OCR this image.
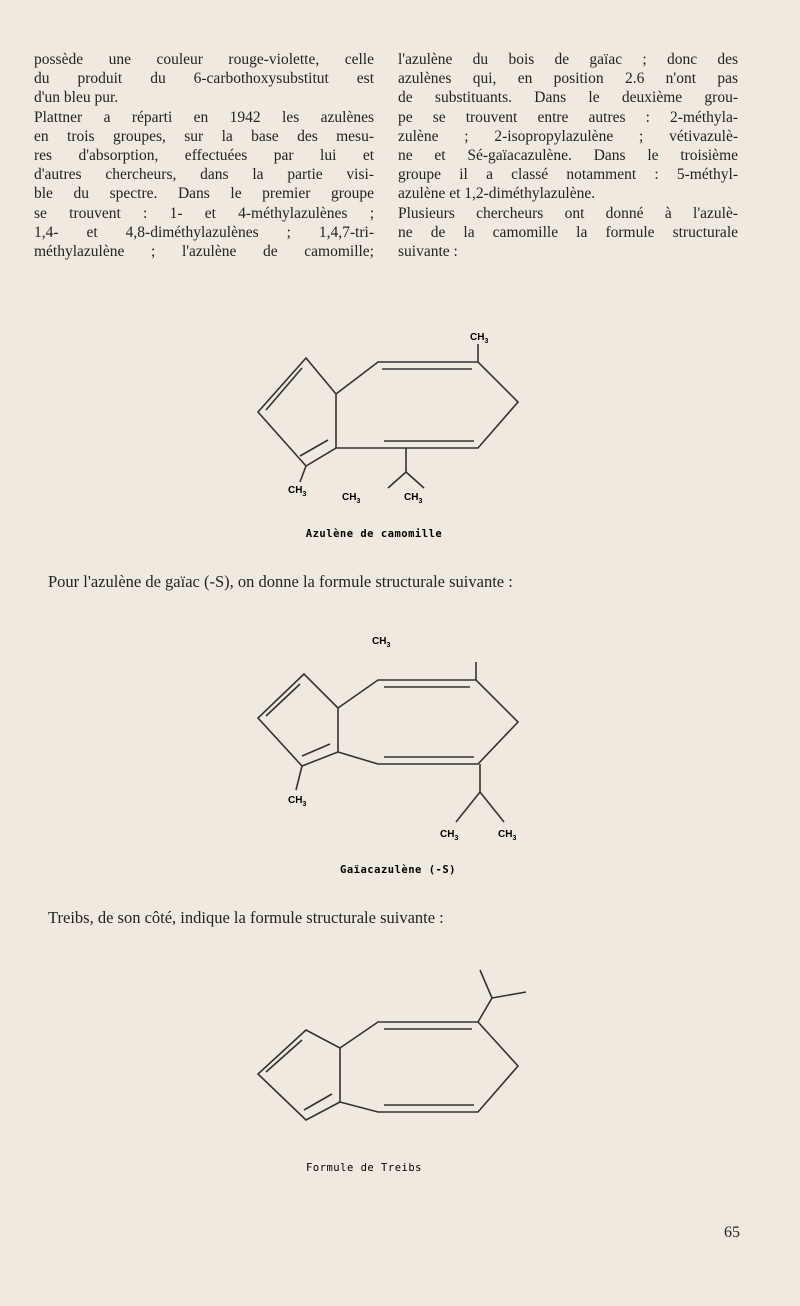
possède une couleur rouge-violette, celle

du produit du 6-carbothoxysubstitut est

d'un bleu pur.

Plattner a réparti en 1942 les azulènes

en trois groupes, sur la base des mesu-

res d'absorption, effectuées par lui et

d'autres chercheurs, dans la partie visi-

ble du spectre. Dans le premier groupe

se trouvent : 1- et 4-méthylazulènes ;

1,4- et 4,8-diméthylazulènes ; 1,4,7-tri-

méthylazulène ; l'azulène de camomille;

l'azulène du bois de gaïac ; donc des

azulènes qui, en position 2.6 n'ont pas

de substituants. Dans le deuxième grou-

pe se trouvent entre autres : 2-méthyla-

zulène ; 2-isopropylazulène ; vétivazulè-

ne et Sé-gaïacazulène. Dans le troisième

groupe il a classé notamment : 5-méthyl-

azulène et 1,2-diméthylazulène.

Plusieurs chercheurs ont donné à l'azulè-

ne de la camomille la formule structurale

suivante :

$CH_3$
$CH_3$	$CH_3$	$CH_3$
Azulène de camomille
Pour l'azulène de gaïac (-S), on donne la formule structurale suivante :
$CH_3$
$CH_3$
$CH_3$	$CH_3$
Gaïacazulène (-S)
Treibs, de son côté, indique la formule structurale suivante :
Formule de Treibs
65
